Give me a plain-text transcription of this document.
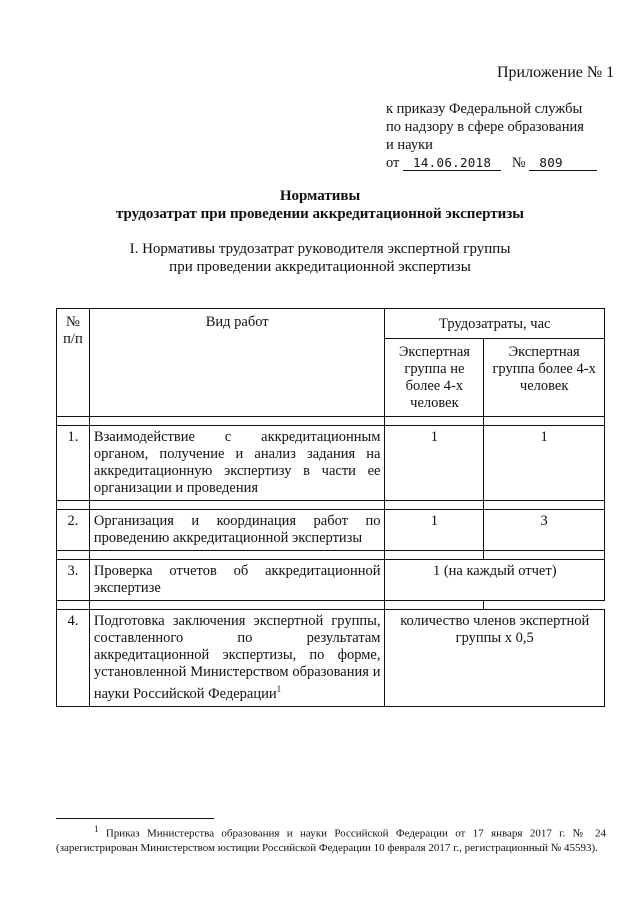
Приложение № 1
к приказу Федеральной службы
по надзору в сфере образования
и науки
от 14.06.2018 № 809
Нормативы
трудозатрат при проведении аккредитационной экспертизы
I. Нормативы трудозатрат руководителя экспертной группы
при проведении аккредитационной экспертизы
№ п/п	Вид работ	Трудозатраты, час	
		Экспертная группа не более 4-х человек	Экспертная группа более 4-х человек

1.	Взаимодействие с аккредитационным органом, получение и анализ задания на аккредитационную экспертизу в части ее организации и проведения	1	1

2.	Организация и координация работ по проведению аккредитационной экспертизы	1	3

3.	Проверка отчетов об аккредитационной экспертизе	1 (на каждый отчет)	

4.	Подготовка заключения экспертной группы, составленного по результатам аккредитационной экспертизы, по форме, установленной Министерством образования и науки Российской Федерации$^1$	количество членов экспертной группы х 0,5	
$^1$ Приказ Министерства образования и науки Российской Федерации от 17 января 2017 г. № 24 (зарегистрирован Министерством юстиции Российской Федерации 10 февраля 2017 г., регистрационный № 45593).
